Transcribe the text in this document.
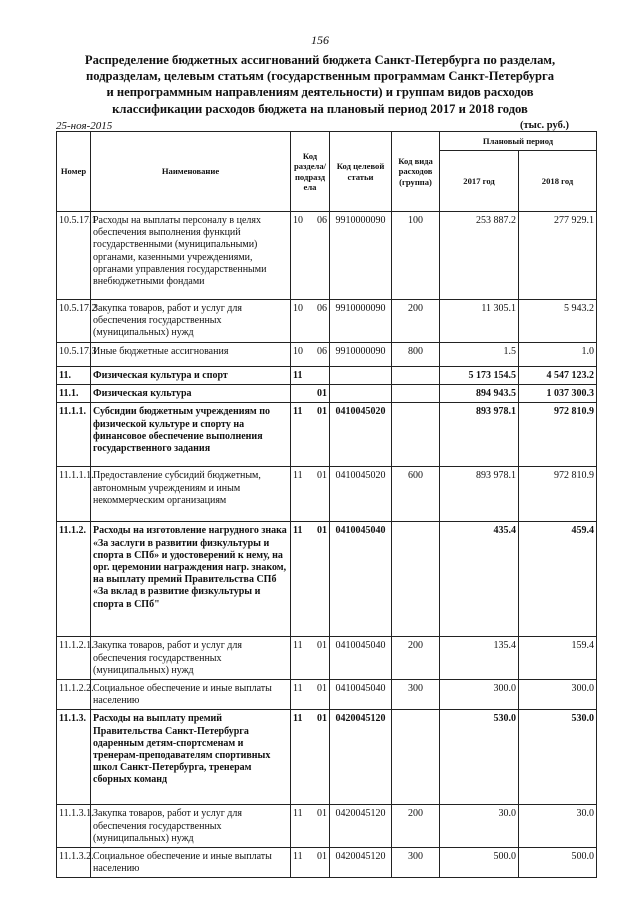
156
Распределение бюджетных ассигнований бюджета Санкт-Петербурга по разделам,
подразделам, целевым статьям (государственным программам Санкт-Петербурга
и непрограммным направлениям деятельности) и группам видов расходов
классификации расходов бюджета на плановый период 2017 и 2018 годов
25-ноя-2015	(тыс. руб.)
Номер	Наименование	Код раздела/ подразд ела		Код целевой статьи	Код вида расходов (группа)	Плановый период	
						2017 год	2018 год
10.5.17.1	Расходы на выплаты персоналу в целях обеспечения выполнения функций государственными (муниципальными) органами, казенными учреждениями, органами управления государственными внебюджетными фондами	10	06	9910000090	100	253 887.2	277 929.1
10.5.17.2	Закупка товаров, работ и услуг для обеспечения государственных (муниципальных) нужд	10	06	9910000090	200	11 305.1	5 943.2
10.5.17.3	Иные бюджетные ассигнования	10	06	9910000090	800	1.5	1.0
11.	Физическая культура и спорт	11				5 173 154.5	4 547 123.2
11.1.	Физическая культура		01			894 943.5	1 037 300.3
11.1.1.	Субсидии бюджетным учреждениям по физической культуре и спорту на финансовое обеспечение выполнения государственного задания	11	01	0410045020		893 978.1	972 810.9
11.1.1.1.	Предоставление субсидий бюджетным, автономным учреждениям и иным некоммерческим организациям	11	01	0410045020	600	893 978.1	972 810.9
11.1.2.	Расходы на изготовление нагрудного знака «За заслуги в развитии физкультуры и спорта в СПб» и удостоверений к нему, на орг. церемонии награждения нагр. знаком, на выплату премий Правительства СПб «За вклад в развитие физкультуры и спорта в СПб"	11	01	0410045040		435.4	459.4
11.1.2.1.	Закупка товаров, работ и услуг для обеспечения государственных (муниципальных) нужд	11	01	0410045040	200	135.4	159.4
11.1.2.2.	Социальное обеспечение и иные выплаты населению	11	01	0410045040	300	300.0	300.0
11.1.3.	Расходы на выплату премий Правительства Санкт-Петербурга одаренным детям-спортсменам и тренерам-преподавателям спортивных школ Санкт-Петербурга, тренерам сборных команд	11	01	0420045120		530.0	530.0
11.1.3.1.	Закупка товаров, работ и услуг для обеспечения государственных (муниципальных) нужд	11	01	0420045120	200	30.0	30.0
11.1.3.2.	Социальное обеспечение и иные выплаты населению	11	01	0420045120	300	500.0	500.0
